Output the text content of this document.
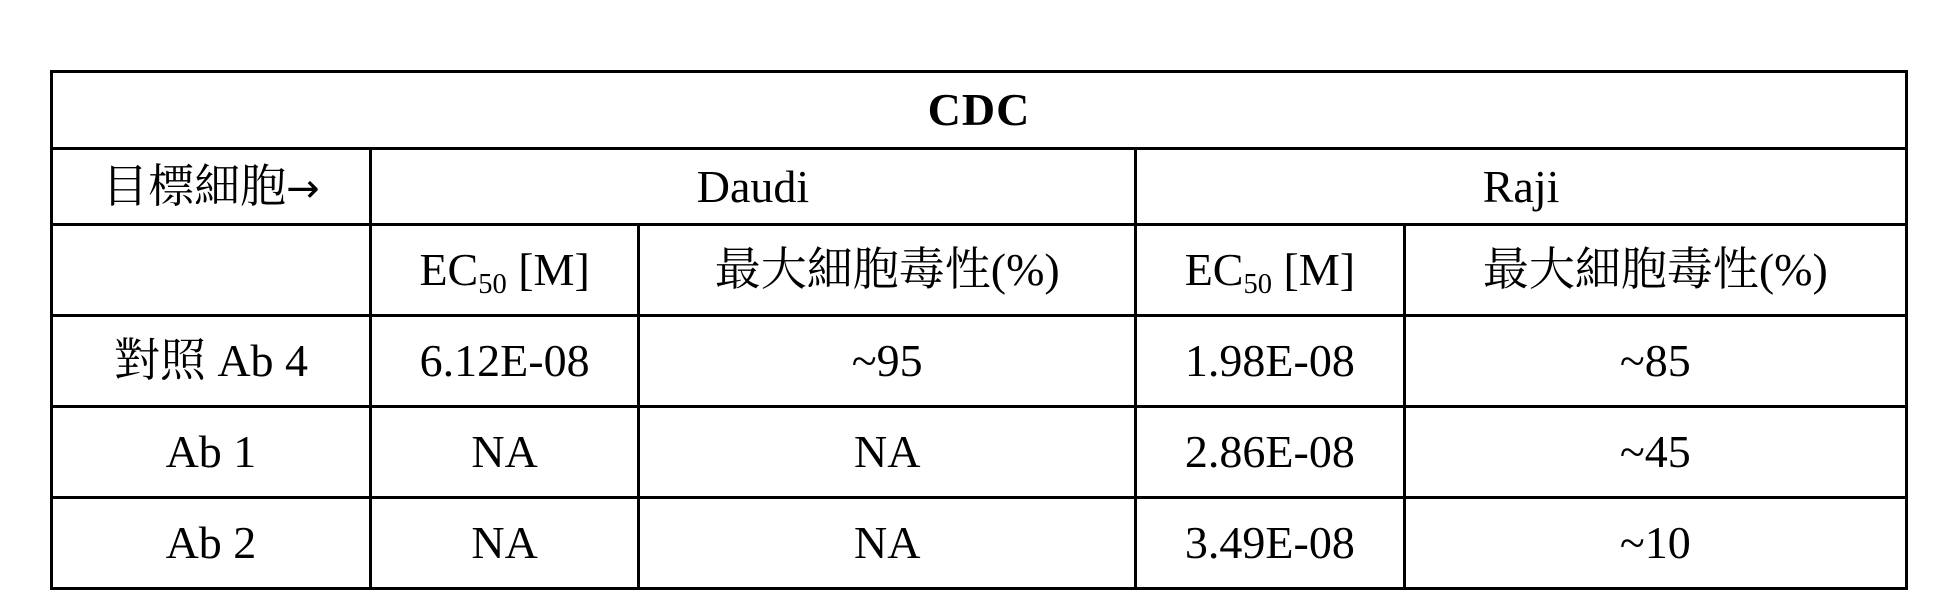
CDC				
目標細胞→	Daudi		Raji	
	$EC_{50}$ [M]	最大細胞毒性(%)	$EC_{50}$ [M]	最大細胞毒性(%)
對照 Ab 4	6.12E-08	~95	1.98E-08	~85
Ab 1	NA	NA	2.86E-08	~45
Ab 2	NA	NA	3.49E-08	~10
